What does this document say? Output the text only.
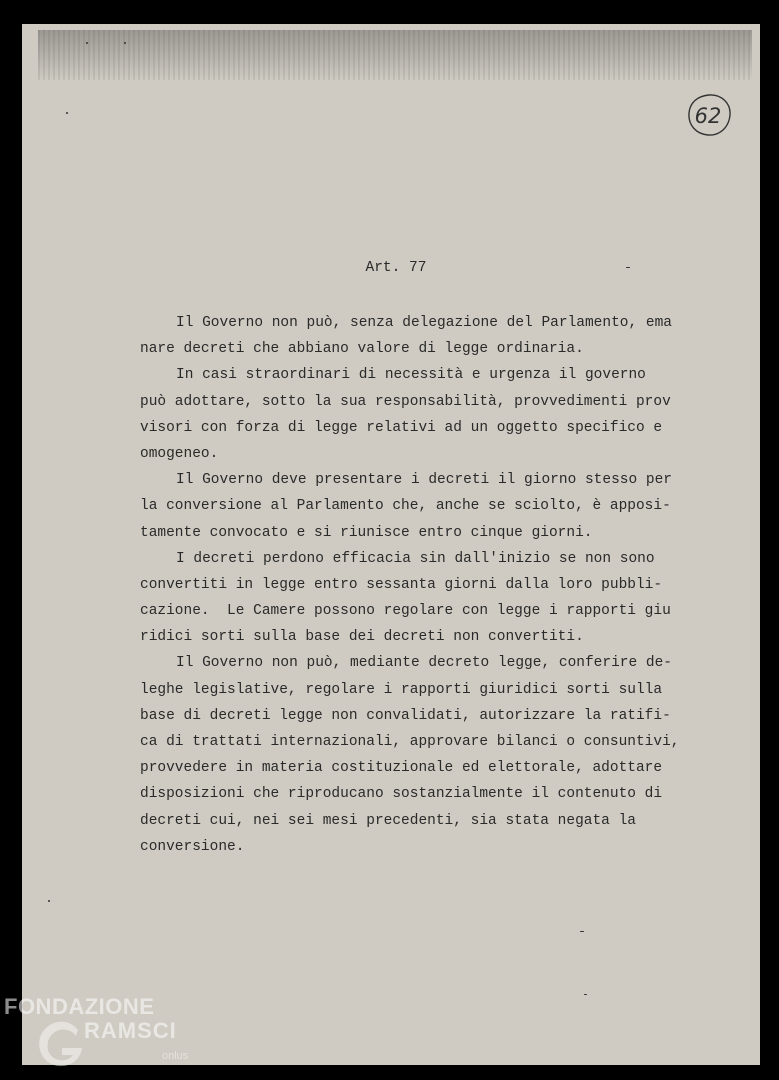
62
Art. 77
Il Governo non può, senza delegazione del Parlamento, ema
nare decreti che abbiano valore di legge ordinaria.
In casi straordinari di necessità e urgenza il governo
può adottare, sotto la sua responsabilità, provvedimenti prov
visori con forza di legge relativi ad un oggetto specifico e
omogeneo.
Il Governo deve presentare i decreti il giorno stesso per
la conversione al Parlamento che, anche se sciolto, è apposi-
tamente convocato e si riunisce entro cinque giorni.
I decreti perdono efficacia sin dall'inizio se non sono
convertiti in legge entro sessanta giorni dalla loro pubbli-
cazione.  Le Camere possono regolare con legge i rapporti giu
ridici sorti sulla base dei decreti non convertiti.
Il Governo non può, mediante decreto legge, conferire de-
leghe legislative, regolare i rapporti giuridici sorti sulla
base di decreti legge non convalidati, autorizzare la ratifi-
ca di trattati internazionali, approvare bilanci o consuntivi,
provvedere in materia costituzionale ed elettorale, adottare
disposizioni che riproducano sostanzialmente il contenuto di
decreti cui, nei sei mesi precedenti, sia stata negata la
conversione.
FONDAZIONE
RAMSCI
onlus
